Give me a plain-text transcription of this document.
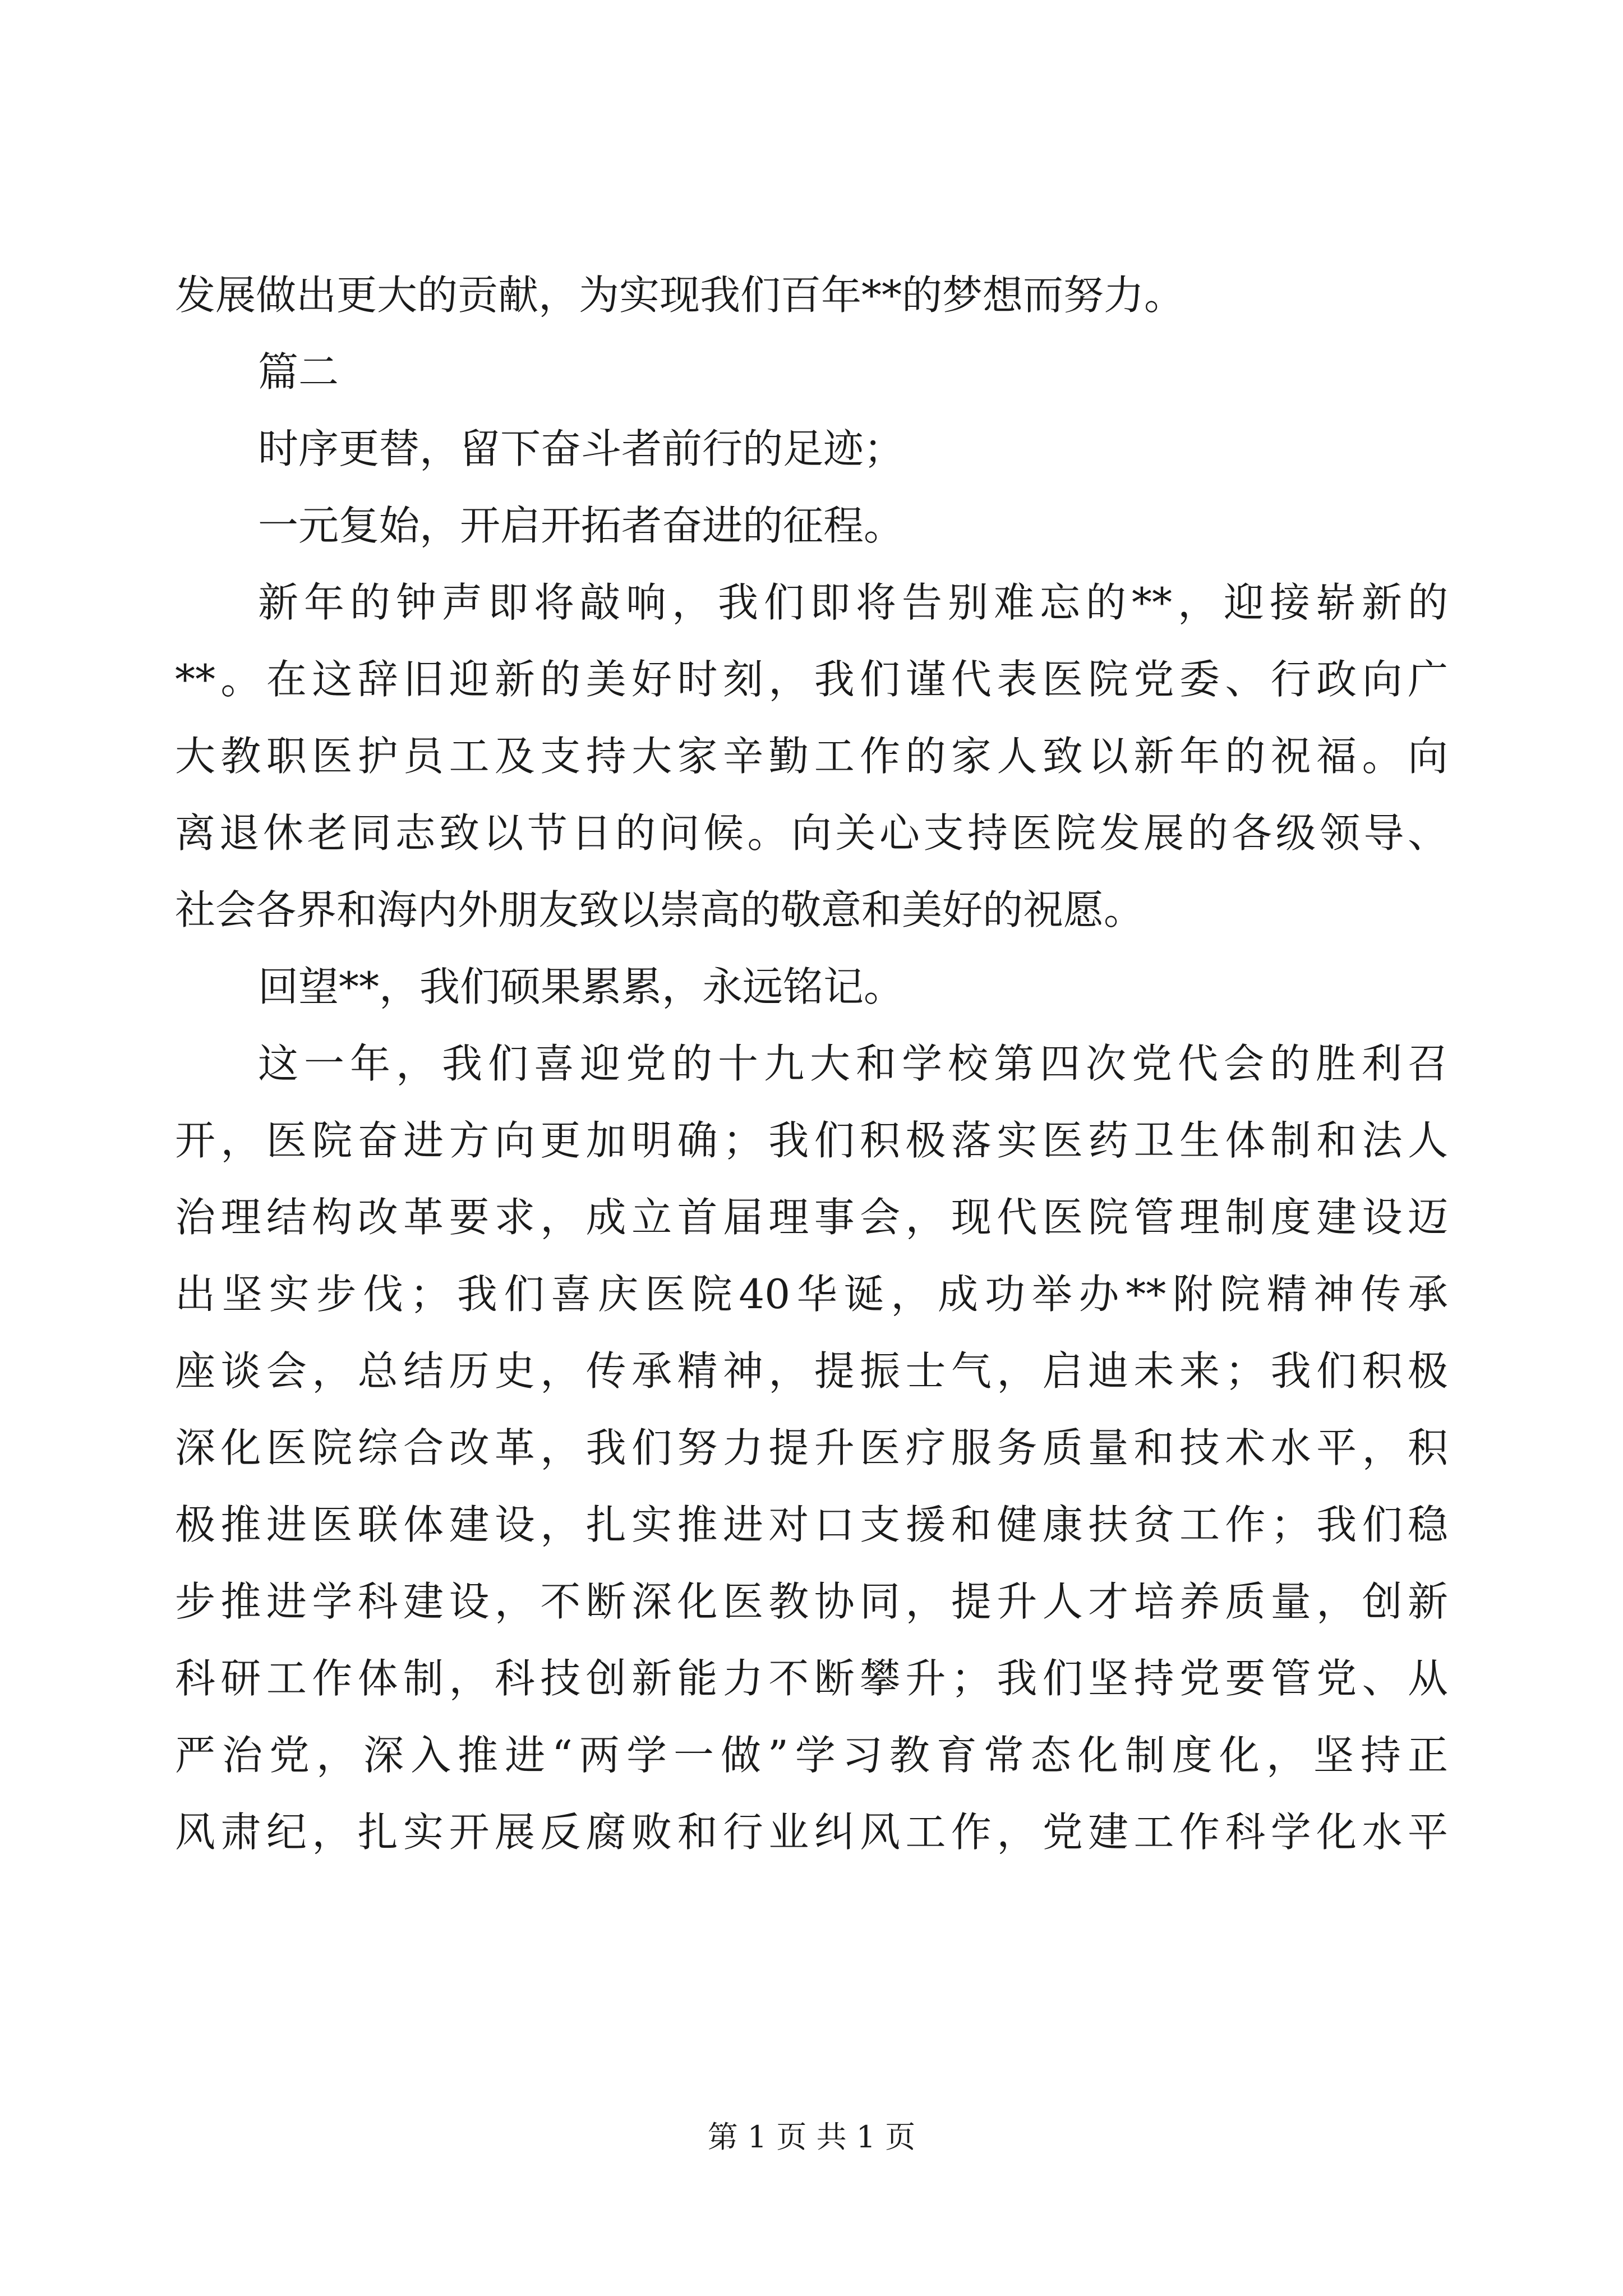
发展做出更大的贡献，为实现我们百年**的梦想而努力。
篇二
时序更替，留下奋斗者前行的足迹；
一元复始，开启开拓者奋进的征程。
新年的钟声即将敲响，我们即将告别难忘的**，迎接崭新的
**。在这辞旧迎新的美好时刻，我们谨代表医院党委、行政向广
大教职医护员工及支持大家辛勤工作的家人致以新年的祝福。向
离退休老同志致以节日的问候。向关心支持医院发展的各级领导、
社会各界和海内外朋友致以崇高的敬意和美好的祝愿。
回望**，我们硕果累累，永远铭记。
这一年，我们喜迎党的十九大和学校第四次党代会的胜利召
开，医院奋进方向更加明确；我们积极落实医药卫生体制和法人
治理结构改革要求，成立首届理事会，现代医院管理制度建设迈
出坚实步伐；我们喜庆医院40华诞，成功举办**附院精神传承
座谈会，总结历史，传承精神，提振士气，启迪未来；我们积极
深化医院综合改革，我们努力提升医疗服务质量和技术水平，积
极推进医联体建设，扎实推进对口支援和健康扶贫工作；我们稳
步推进学科建设，不断深化医教协同，提升人才培养质量，创新
科研工作体制，科技创新能力不断攀升；我们坚持党要管党、从
严治党，深入推进“两学一做”学习教育常态化制度化，坚持正
风肃纪，扎实开展反腐败和行业纠风工作，党建工作科学化水平
第 1 页 共 1 页
